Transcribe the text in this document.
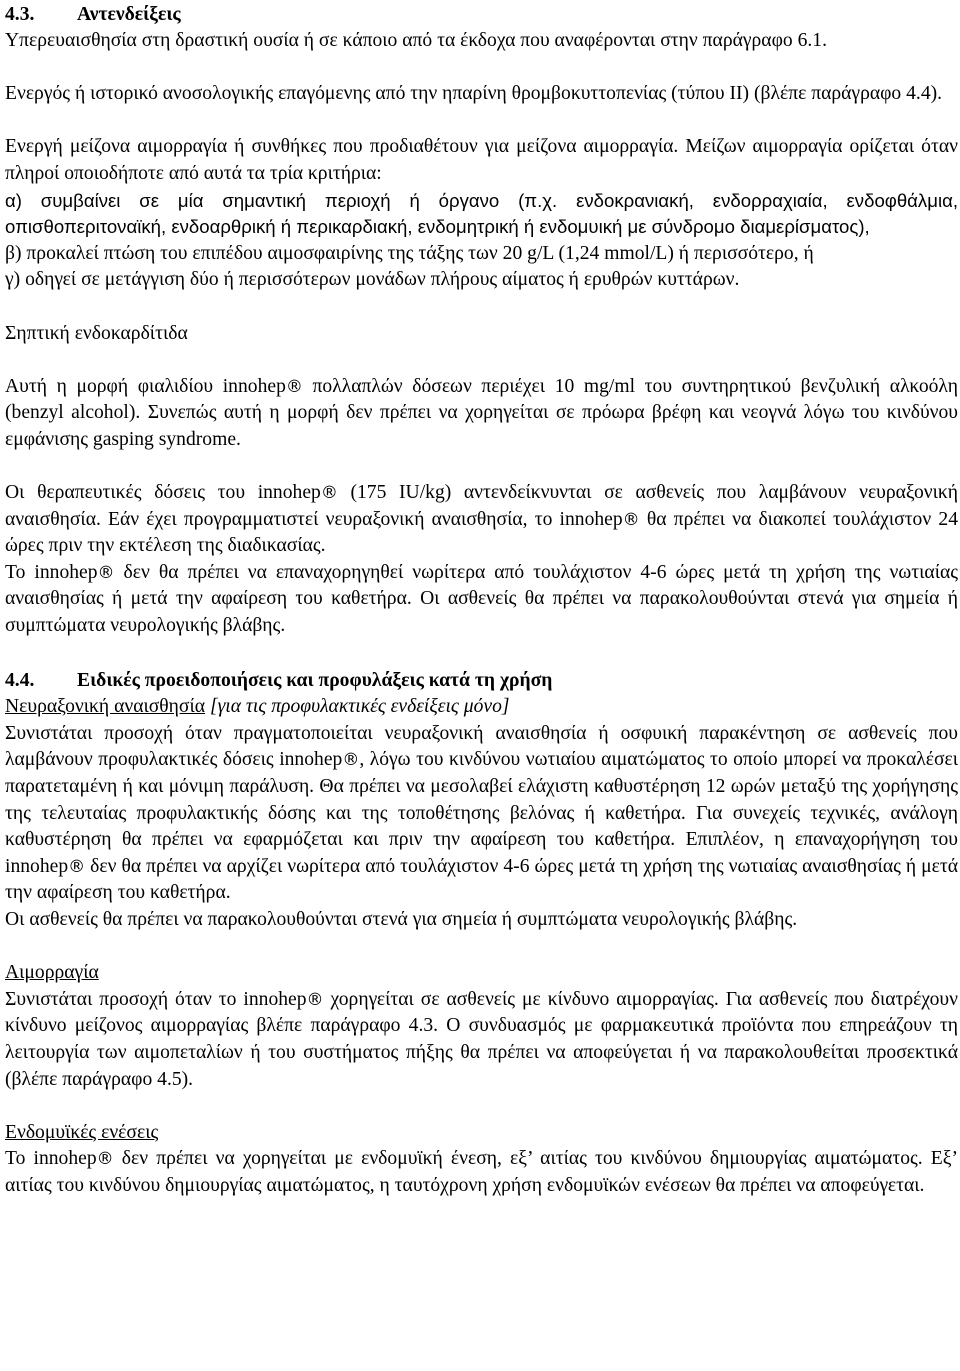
4.3. Αντενδείξεις

Υπερευαισθησία στη δραστική ουσία ή σε κάποιο από τα έκδοχα που αναφέρονται στην παράγραφο 6.1.

Ενεργός ή ιστορικό ανοσολογικής επαγόμενης από την ηπαρίνη θρομβοκυττοπενίας (τύπου ΙΙ) (βλέπε παράγραφο 4.4).

Ενεργή μείζονα αιμορραγία ή συνθήκες που προδιαθέτουν για μείζονα αιμορραγία. Μείζων αιμορραγία ορίζεται όταν πληροί οποιοδήποτε από αυτά τα τρία κριτήρια:

α) συμβαίνει σε μία σημαντική περιοχή ή όργανο (π.χ. ενδοκρανιακή, ενδορραχιαία, ενδοφθάλμια, οπισθοπεριτοναϊκή, ενδοαρθρική ή περικαρδιακή, ενδομητρική ή ενδομυική με σύνδρομο διαμερίσματος),

β) προκαλεί πτώση του επιπέδου αιμοσφαιρίνης της τάξης των 20 g/L (1,24 mmol/L) ή περισσότερο, ή

γ) οδηγεί σε μετάγγιση δύο ή περισσότερων μονάδων πλήρους αίματος ή ερυθρών κυττάρων.

Σηπτική ενδοκαρδίτιδα

Αυτή η μορφή φιαλιδίου innohep® πολλαπλών δόσεων περιέχει 10 mg/ml του συντηρητικού βενζυλική αλκοόλη (benzyl alcohol). Συνεπώς αυτή η μορφή δεν πρέπει να χορηγείται σε πρόωρα βρέφη και νεογνά λόγω του κινδύνου εμφάνισης gasping syndrome.

Οι θεραπευτικές δόσεις του innohep® (175 IU/kg) αντενδείκνυνται σε ασθενείς που λαμβάνουν νευραξονική αναισθησία. Εάν έχει προγραμματιστεί νευραξονική αναισθησία, το innohep® θα πρέπει να διακοπεί τουλάχιστον 24 ώρες πριν την εκτέλεση της διαδικασίας.

Το innohep® δεν θα πρέπει να επαναχορηγηθεί νωρίτερα από τουλάχιστον 4-6 ώρες μετά τη χρήση της νωτιαίας αναισθησίας ή μετά την αφαίρεση του καθετήρα. Οι ασθενείς θα πρέπει να παρακολουθούνται στενά για σημεία ή συμπτώματα νευρολογικής βλάβης.

4.4. Ειδικές προειδοποιήσεις και προφυλάξεις κατά τη χρήση

Νευραξονική αναισθησία [για τις προφυλακτικές ενδείξεις μόνο]

Συνιστάται προσοχή όταν πραγματοποιείται νευραξονική αναισθησία ή οσφυική παρακέντηση σε ασθενείς που λαμβάνουν προφυλακτικές δόσεις innohep®, λόγω του κινδύνου νωτιαίου αιματώματος το οποίο μπορεί να προκαλέσει παρατεταμένη ή και μόνιμη παράλυση. Θα πρέπει να μεσολαβεί ελάχιστη καθυστέρηση 12 ωρών μεταξύ της χορήγησης της τελευταίας προφυλακτικής δόσης και της τοποθέτησης βελόνας ή καθετήρα. Για συνεχείς τεχνικές, ανάλογη καθυστέρηση θα πρέπει να εφαρμόζεται και πριν την αφαίρεση του καθετήρα. Επιπλέον, η επαναχορήγηση του innohep® δεν θα πρέπει να αρχίζει νωρίτερα από τουλάχιστον 4-6 ώρες μετά τη χρήση της νωτιαίας αναισθησίας ή μετά την αφαίρεση του καθετήρα.

Οι ασθενείς θα πρέπει να παρακολουθούνται στενά για σημεία ή συμπτώματα νευρολογικής βλάβης.

Αιμορραγία

Συνιστάται προσοχή όταν το innohep® χορηγείται σε ασθενείς με κίνδυνο αιμορραγίας. Για ασθενείς που διατρέχουν κίνδυνο μείζονος αιμορραγίας βλέπε παράγραφο 4.3. Ο συνδυασμός με φαρμακευτικά προϊόντα που επηρεάζουν τη λειτουργία των αιμοπεταλίων ή του συστήματος πήξης θα πρέπει να αποφεύγεται ή να παρακολουθείται προσεκτικά (βλέπε παράγραφο 4.5).

Ενδομυϊκές ενέσεις

Το innohep® δεν πρέπει να χορηγείται με ενδομυϊκή ένεση, εξ’ αιτίας του κινδύνου δημιουργίας αιματώματος. Εξ’ αιτίας του κινδύνου δημιουργίας αιματώματος, η ταυτόχρονη χρήση ενδομυϊκών ενέσεων θα πρέπει να αποφεύγεται.
